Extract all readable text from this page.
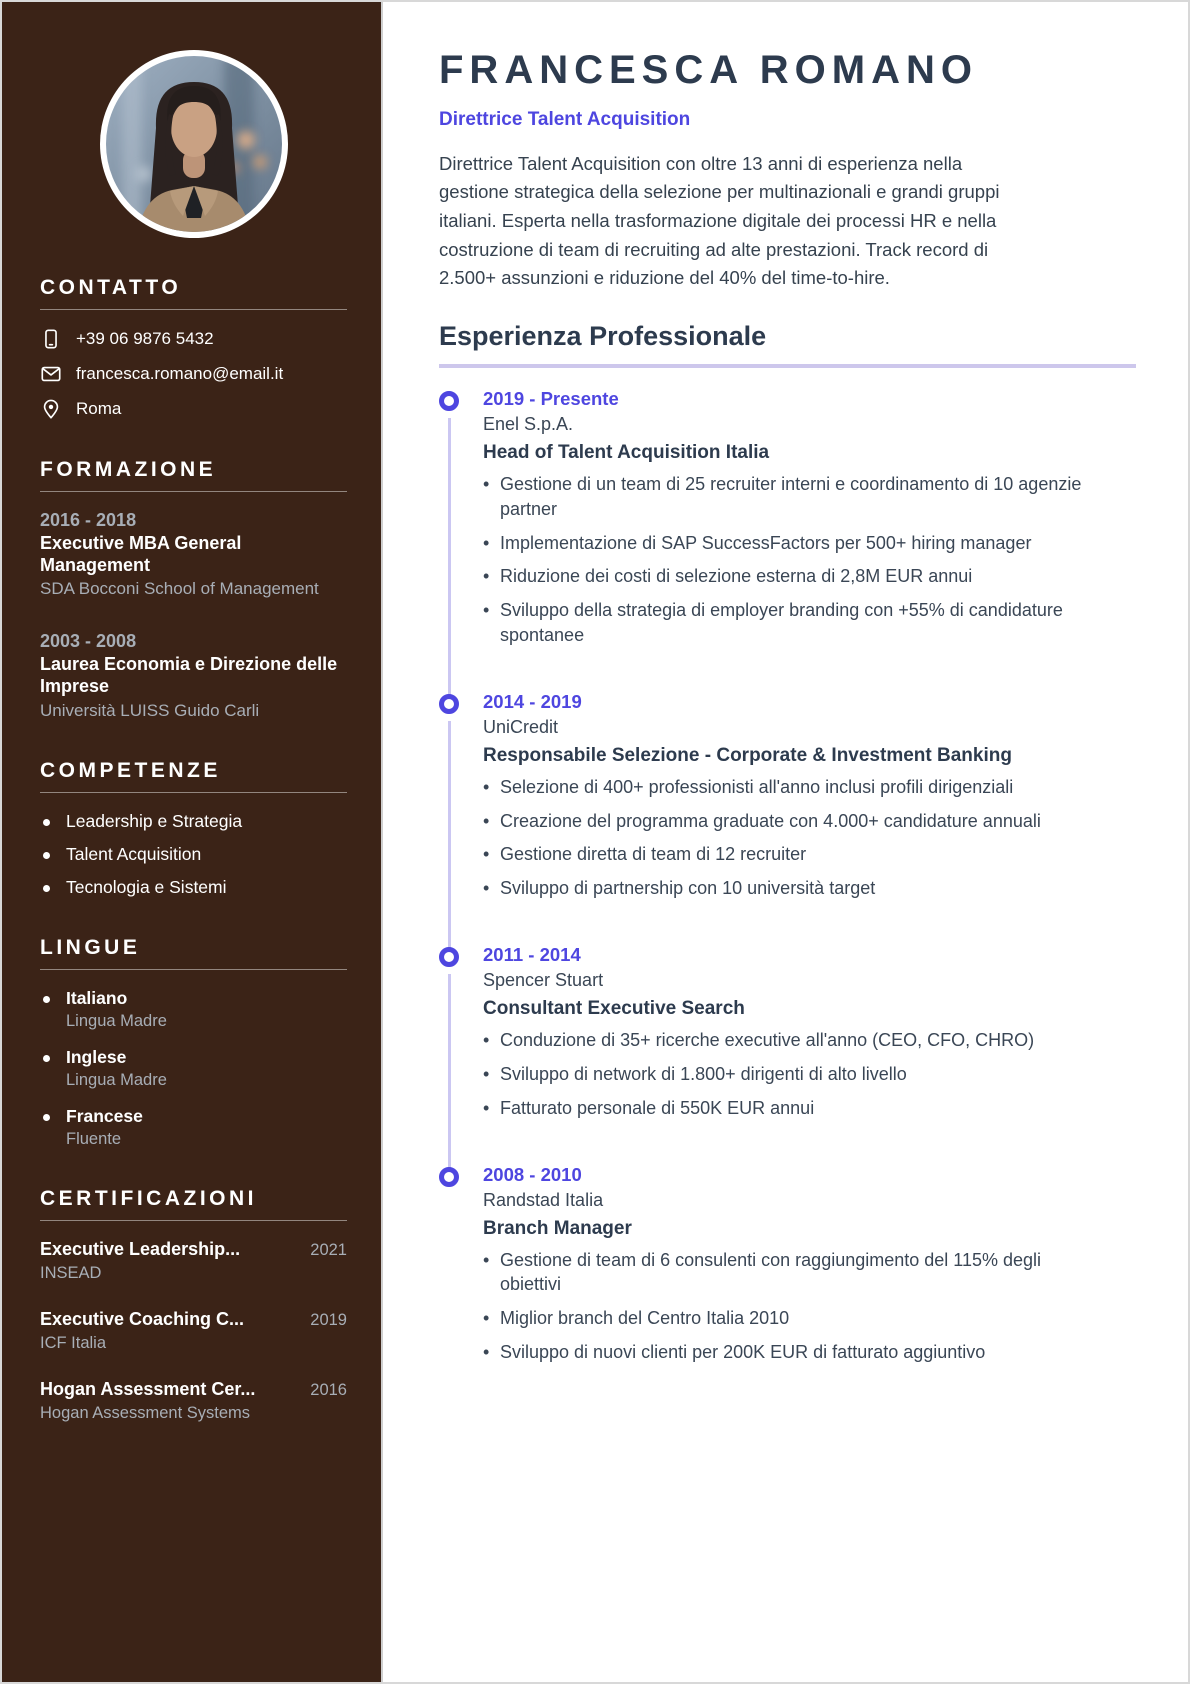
CONTATTO
+39 06 9876 5432
francesca.romano@email.it
Roma
FORMAZIONE
2016 - 2018
Executive MBA General Management
SDA Bocconi School of Management
2003 - 2008
Laurea Economia e Direzione delle Imprese
Università LUISS Guido Carli
COMPETENZE
Leadership e Strategia
Talent Acquisition
Tecnologia e Sistemi
LINGUE
Italiano
Lingua Madre
Inglese
Lingua Madre
Francese
Fluente
CERTIFICAZIONI
Executive Leadership...	2021
INSEAD
Executive Coaching C...	2019
ICF Italia
Hogan Assessment Cer...	2016
Hogan Assessment Systems
FRANCESCA ROMANO
Direttrice Talent Acquisition

Direttrice Talent Acquisition con oltre 13 anni di esperienza nella gestione strategica della selezione per multinazionali e grandi gruppi italiani. Esperta nella trasformazione digitale dei processi HR e nella costruzione di team di recruiting ad alte prestazioni. Track record di 2.500+ assunzioni e riduzione del 40% del time-to-hire.

Esperienza Professionale
2019 - Presente
Enel S.p.A.
Head of Talent Acquisition Italia
• Gestione di un team di 25 recruiter interni e coordinamento di 10 agenzie partner
• Implementazione di SAP SuccessFactors per 500+ hiring manager
• Riduzione dei costi di selezione esterna di 2,8M EUR annui
• Sviluppo della strategia di employer branding con +55% di candidature spontanee
2014 - 2019
UniCredit
Responsabile Selezione - Corporate & Investment Banking
• Selezione di 400+ professionisti all'anno inclusi profili dirigenziali
• Creazione del programma graduate con 4.000+ candidature annuali
• Gestione diretta di team di 12 recruiter
• Sviluppo di partnership con 10 università target
2011 - 2014
Spencer Stuart
Consultant Executive Search
• Conduzione di 35+ ricerche executive all'anno (CEO, CFO, CHRO)
• Sviluppo di network di 1.800+ dirigenti di alto livello
• Fatturato personale di 550K EUR annui
2008 - 2010
Randstad Italia
Branch Manager
• Gestione di team di 6 consulenti con raggiungimento del 115% degli obiettivi
• Miglior branch del Centro Italia 2010
• Sviluppo di nuovi clienti per 200K EUR di fatturato aggiuntivo
